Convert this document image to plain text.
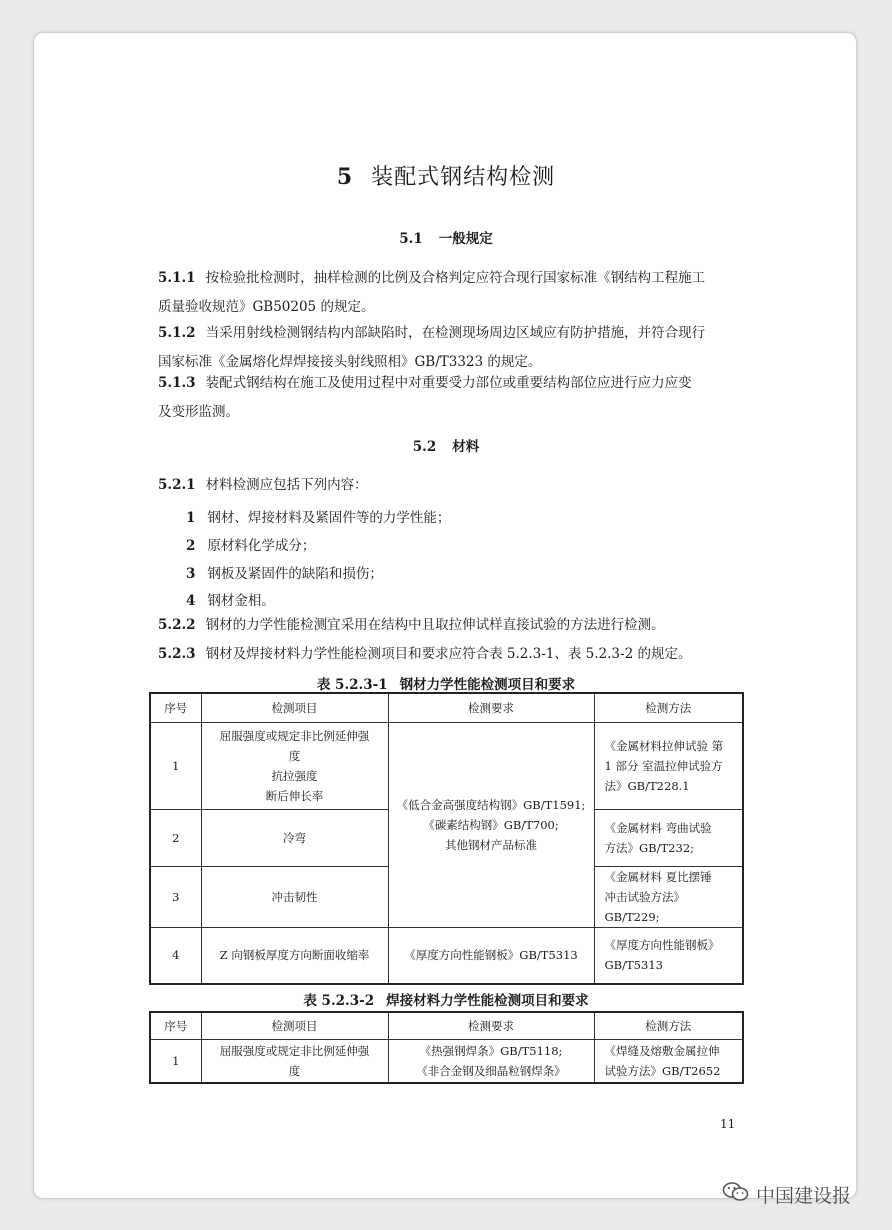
5 装配式钢结构检测
5.1 一般规定

5.1.1 按检验批检测时，抽样检测的比例及合格判定应符合现行国家标准《钢结构工程施工
质量验收规范》GB50205 的规定。

5.1.2 当采用射线检测钢结构内部缺陷时，在检测现场周边区域应有防护措施，并符合现行
国家标准《金属熔化焊焊接接头射线照相》GB/T3323 的规定。

5.1.3 装配式钢结构在施工及使用过程中对重要受力部位或重要结构部位应进行应力应变
及变形监测。

5.2 材料

5.2.1 材料检测应包括下列内容：

1 钢材、焊接材料及紧固件等的力学性能；
2 原材料化学成分；
3 钢板及紧固件的缺陷和损伤；
4 钢材金相。

5.2.2 钢材的力学性能检测宜采用在结构中且取拉伸试样直接试验的方法进行检测。

5.2.3 钢材及焊接材料力学性能检测项目和要求应符合表 5.2.3-1、表 5.2.3-2 的规定。

表 5.2.3-1 钢材力学性能检测项目和要求
序号	检测项目	检测要求	检测方法
1	屈服强度或规定非比例延伸强
度
抗拉强度
断后伸长率	《低合金高强度结构钢》GB/T1591;
《碳素结构钢》GB/T700;
其他钢材产品标准	《金属材料拉伸试验 第
1 部分 室温拉伸试验方
法》GB/T228.1

2	冷弯		《金属材料 弯曲试验
方法》GB/T232;

3	冲击韧性		《金属材料 夏比摆锤
冲击试验方法》GB/T229;

4	Z 向钢板厚度方向断面收缩率	《厚度方向性能钢板》GB/T5313	《厚度方向性能钢板》
GB/T5313
表 5.2.3-2 焊接材料力学性能检测项目和要求
序号	检测项目	检测要求	检测方法
1	屈服强度或规定非比例延伸强
度	《热强钢焊条》GB/T5118;
《非合金钢及细晶粒钢焊条》	《焊缝及熔敷金属拉伸
试验方法》GB/T2652
11
中国建设报
